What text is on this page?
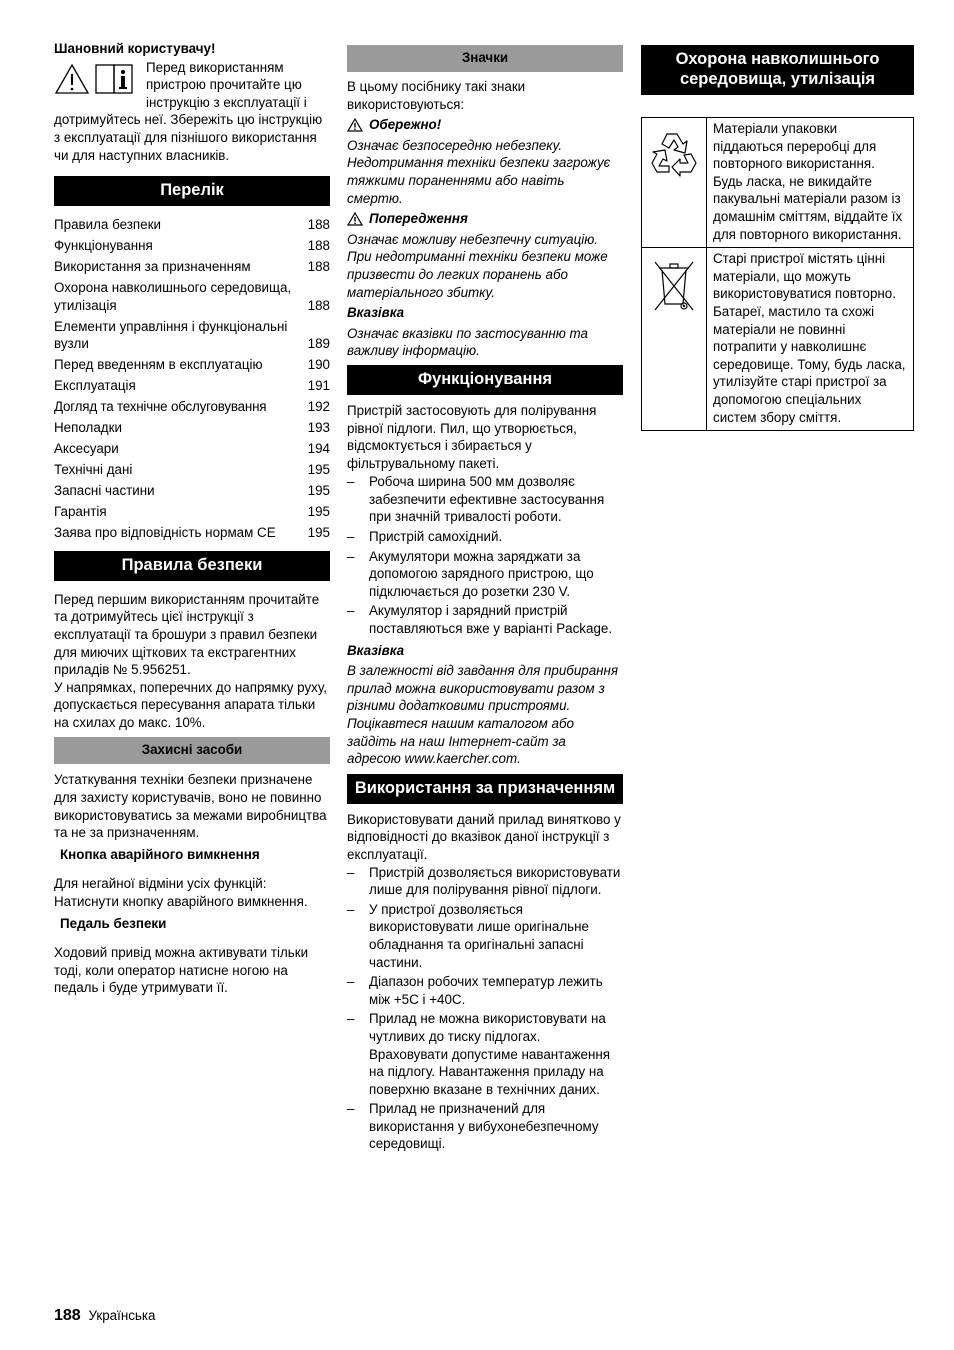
Шановний користувачу!

Перед використанням

пристрою прочитайте цю

інструкцію з експлуатації і

дотримуйтесь неї. Збережіть цю інструкцію з експлуатації для пізнішого використання чи для наступних власників.

Перелік
Правила безпеки	188
Функціонування	188
Використання за призначенням	188
Охорона навколишнього середовища, утилізація	188
Елементи управління і функціональні вузли	189
Перед введенням в експлуатацію	190
Експлуатація	191
Догляд та технічне обслуговування	192
Неполадки	193
Аксесуари	194
Технічні дані	195
Запасні частини	195
Гарантія	195
Заява про відповідність нормам CE	195
Правила безпеки

Перед першим використанням прочитайте та дотримуйтесь цієї інструкції з експлуатації та брошури з правил безпеки для миючих щіткових та екстрагентних приладів № 5.956251.

У напрямках, поперечних до напрямку руху, допускається пересування апарата тільки на схилах до макс. 10%.

Захисні засоби

Устаткування техніки безпеки призначене для захисту користувачів, воно не повинно використовуватись за межами виробництва та не за призначенням.

Кнопка аварійного вимкнення

Для негайної відміни усіх функцій: Натиснути кнопку аварійного вимкнення.

Педаль безпеки

Ходовий привід можна активувати тільки тоді, коли оператор натисне ногою на педаль і буде утримувати її.

Значки

В цьому посібнику такі знаки використовуються:

Обережно!

Означає безпосередню небезпеку. Недотримання техніки безпеки загрожує тяжкими пораненнями або навіть смертю.

Попередження

Означає можливу небезпечну ситуацію. При недотриманні техніки безпеки може призвести до легких поранень або матеріального збитку.

Вказівка

Означає вказівки по застосуванню та важливу інформацію.

Функціонування

Пристрій застосовують для полірування рівної підлоги. Пил, що утворюється, відсмоктується і збирається у фільтрувальному пакеті.

–	Робоча ширина 500 мм дозволяє забезпечити ефективне застосування при значній тривалості роботи.
–	Пристрій самохідний.
–	Акумулятори можна заряджати за допомогою зарядного пристрою, що підключається до розетки 230 V.
–	Акумулятор і зарядний пристрій поставляються вже у варіанті Package.

Вказівка

В залежності від завдання для прибирання прилад можна використовувати разом з різними додатковими пристроями. Поцікавтеся нашим каталогом або зайдіть на наш Інтернет-сайт за адресою www.kaercher.com.

Використання за призначенням

Використовувати даний прилад винятково у відповідності до вказівок даної інструкції з експлуатації.

–	Пристрій дозволяється використовувати лише для полірування рівної підлоги.
–	У пристрої дозволяється використовувати лише оригінальне обладнання та оригінальні запасні частини.
–	Діапазон робочих температур лежить між +5С і +40С.
–	Прилад не можна використовувати на чутливих до тиску підлогах. Враховувати допустиме навантаження на підлогу. Навантаження приладу на поверхню вказане в технічних даних.
–	Прилад не призначений для використання у вибухонебезпечному середовищі.
Охорона навколишнього середовища, утилізація
	Матеріали упаковки піддаються переробці для повторного використання. Будь ласка, не викидайте пакувальні матеріали разом із домашнім сміттям, віддайте їх для повторного використання.
	Старі пристрої містять цінні матеріали, що можуть використовуватися повторно. Батареї, мастило та схожі матеріали не повинні потрапити у навколишнє середовище. Тому, будь ласка, утилізуйте старі пристрої за допомогою спеціальних систем збору сміття.
188 Українська
